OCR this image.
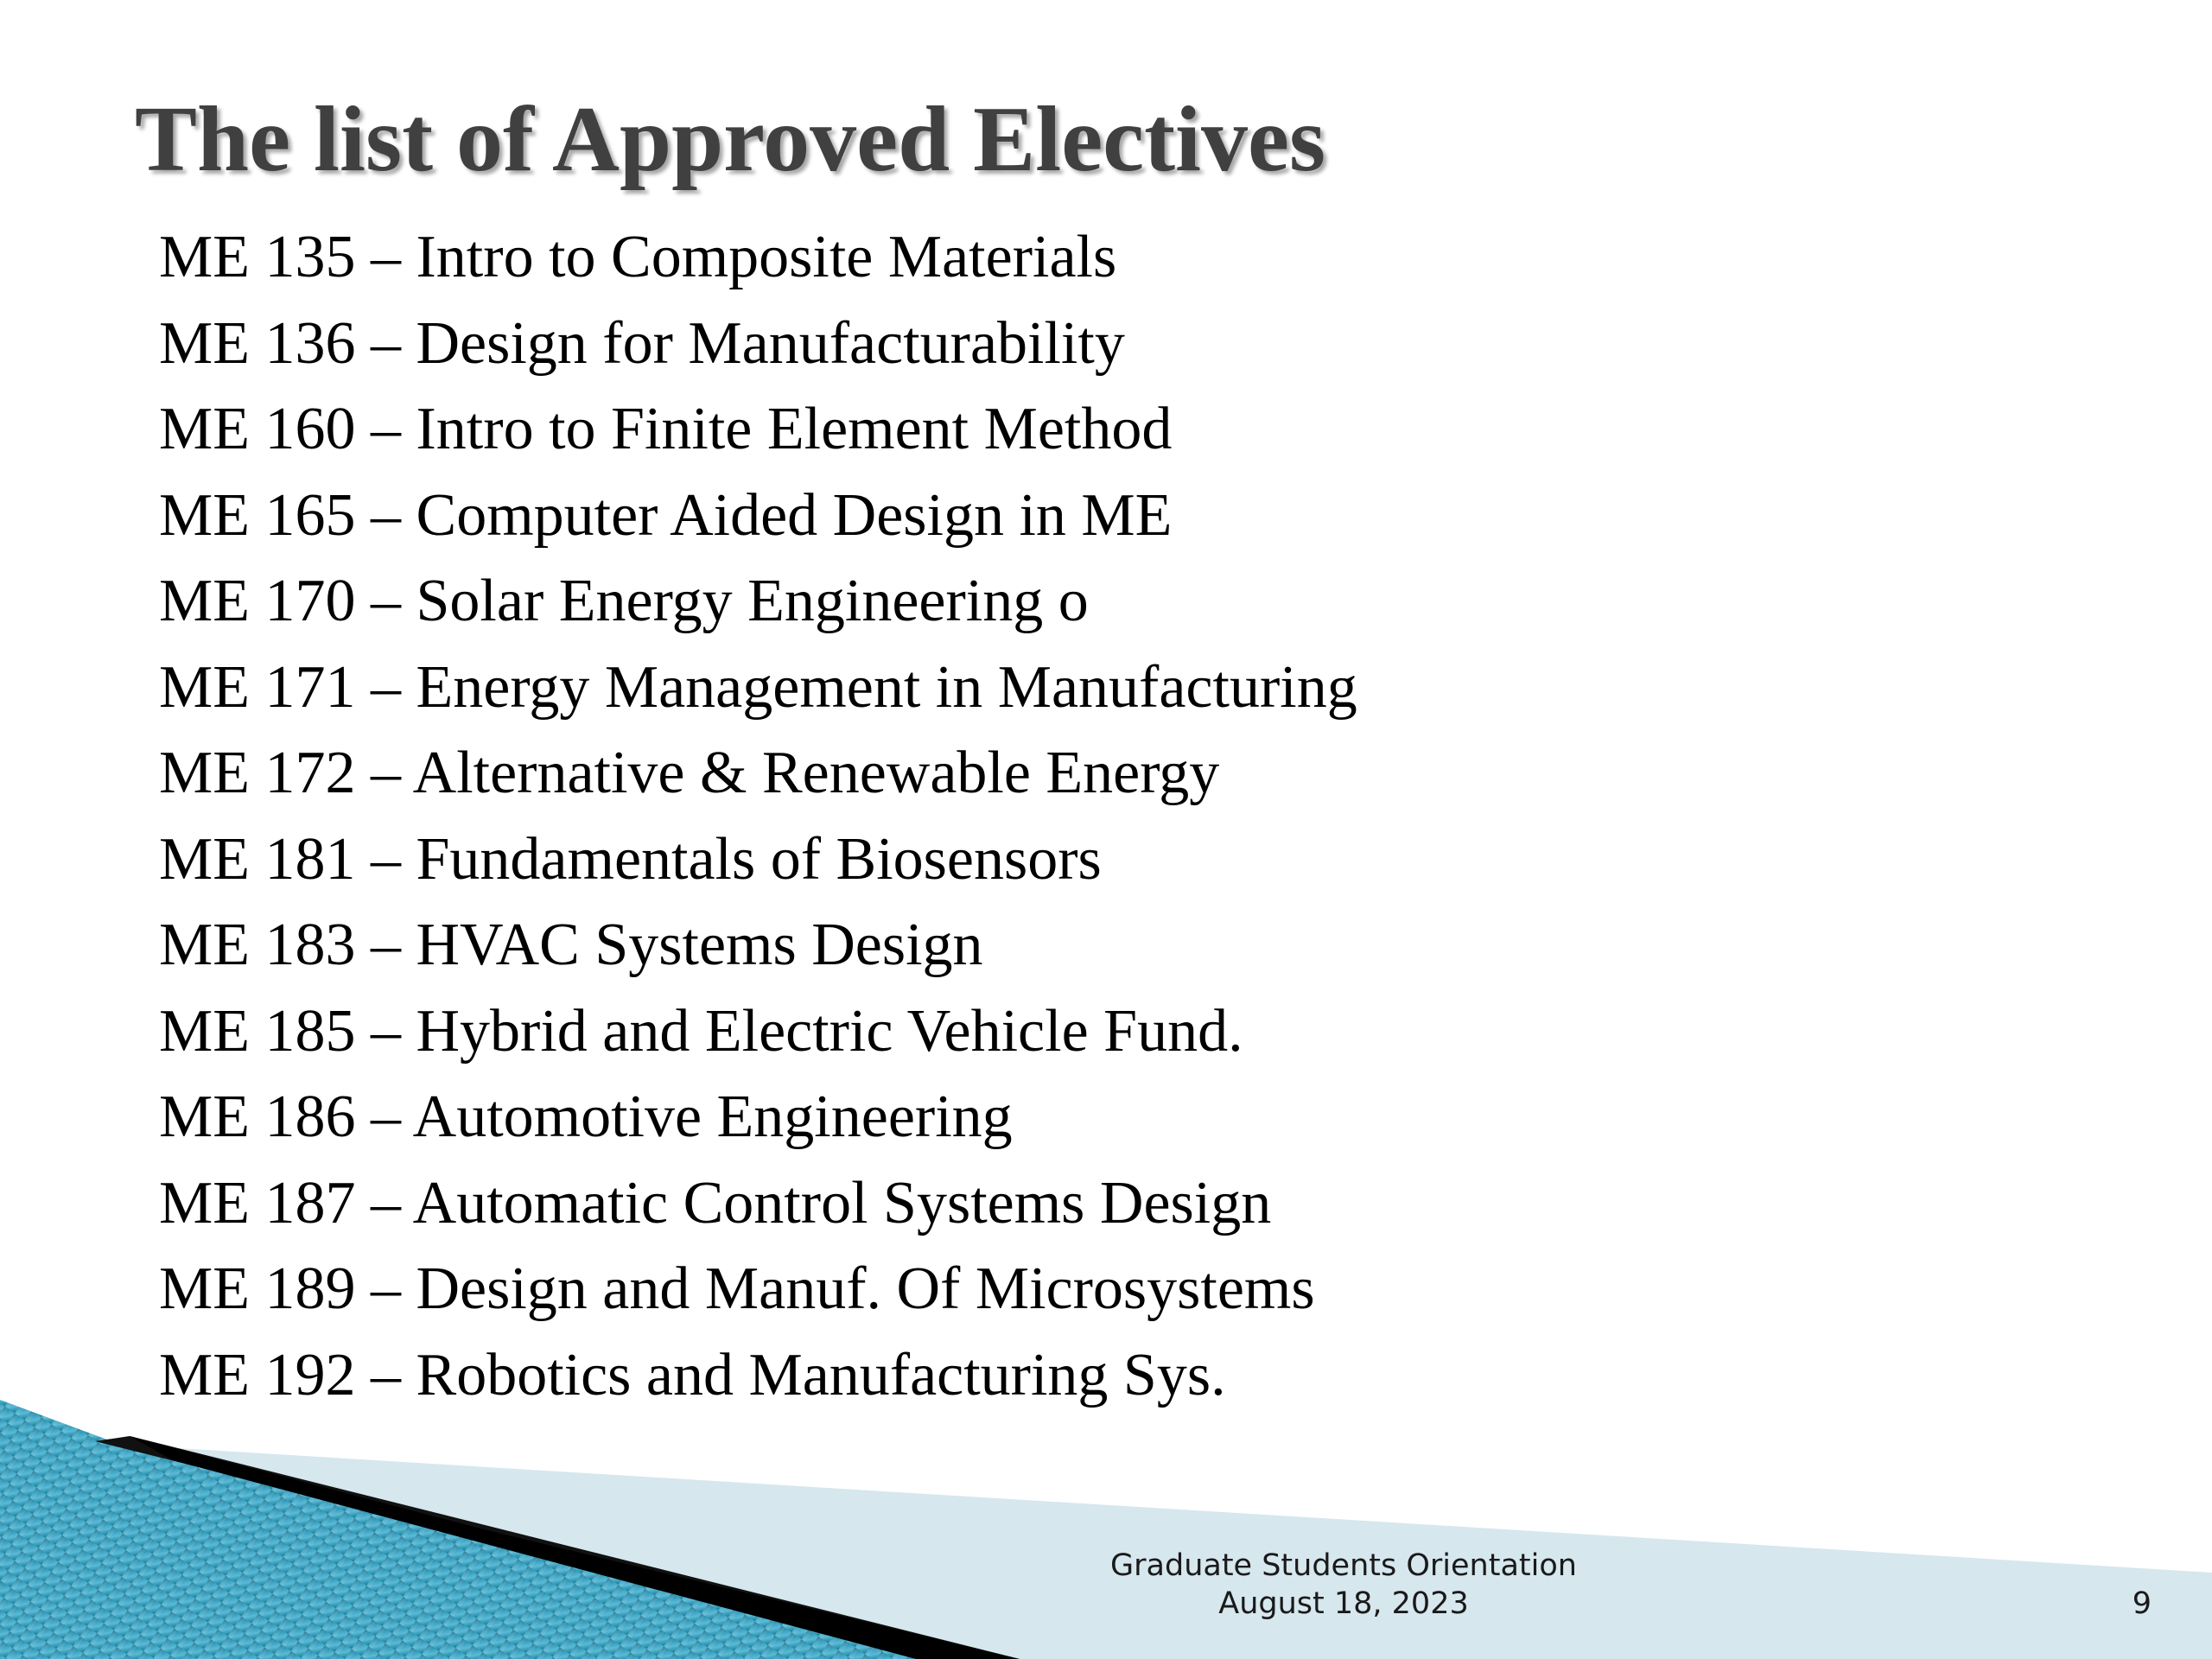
The list of Approved Electives
ME 135 – Intro to Composite Materials
ME 136 – Design for Manufacturability
ME 160 – Intro to Finite Element Method
ME 165 – Computer Aided Design in ME
ME 170 – Solar Energy Engineering o
ME 171 – Energy Management in Manufacturing
ME 172 – Alternative & Renewable Energy
ME 181 – Fundamentals of Biosensors
ME 183 – HVAC Systems Design
ME 185 – Hybrid and Electric Vehicle Fund.
ME 186 – Automotive Engineering
ME 187 – Automatic Control Systems Design
ME 189 – Design and Manuf. Of Microsystems
ME 192 – Robotics and Manufacturing Sys.
Graduate Students Orientation
August 18, 2023	9
